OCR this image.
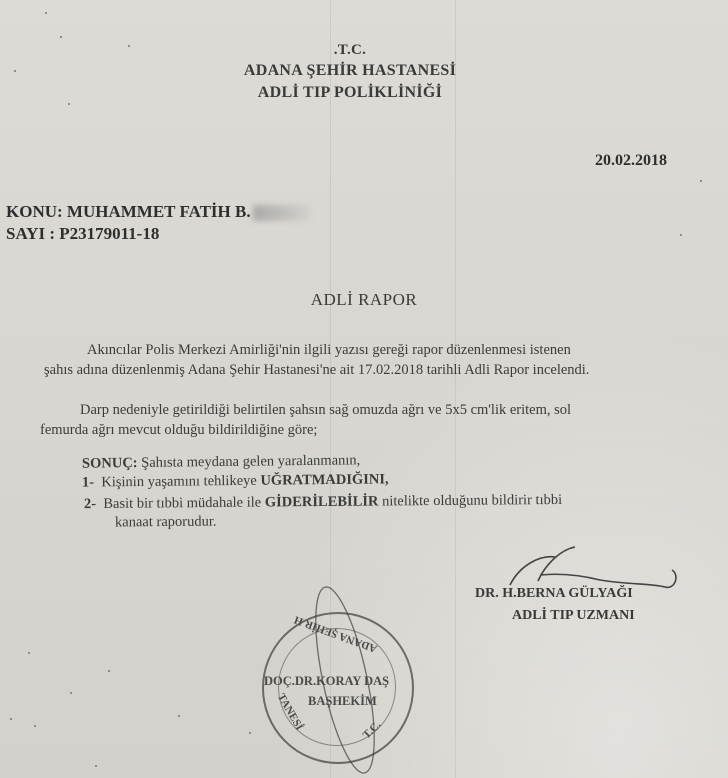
.T.C.
ADANA ŞEHİR HASTANESİ
ADLİ TIP POLİKLİNİĞİ
20.02.2018
KONU: MUHAMMET FATİH B.
SAYI : P23179011-18
ADLİ RAPOR
Akıncılar Polis Merkezi Amirliği'nin ilgili yazısı gereği rapor düzenlenmesi istenen
şahıs adına düzenlenmiş Adana Şehir Hastanesi'ne ait 17.02.2018 tarihli Adli Rapor incelendi.
Darp nedeniyle getirildiği belirtilen şahsın sağ omuzda ağrı ve 5x5 cm'lik eritem, sol
femurda ağrı mevcut olduğu bildirildiğine göre;
SONUÇ: Şahısta meydana gelen yaralanmanın,
1- Kişinin yaşamını tehlikeye UĞRATMADIĞINI,
2- Basit bir tıbbi müdahale ile GİDERİLEBİLİR nitelikte olduğunu bildirir tıbbi
kanaat raporudur.
DR. H.BERNA GÜLYAĞI
ADLİ TIP UZMANI
ADANA ŞEHİR H
TANESİ	T.C.
DOÇ.DR.KORAY DAŞ
BAŞHEKİM
